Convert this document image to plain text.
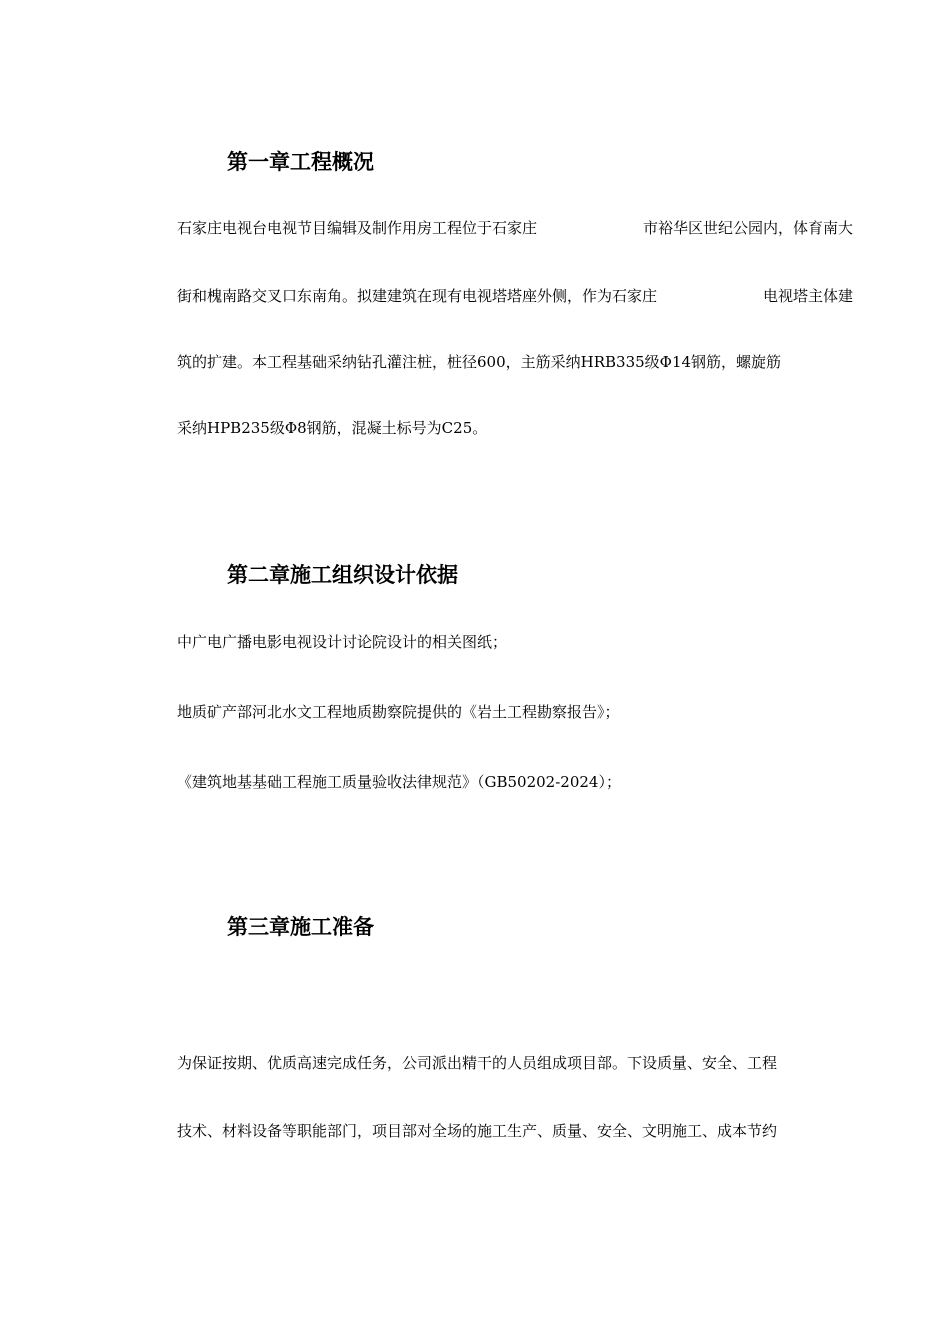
第一章工程概况

石家庄电视台电视节目编辑及制作用房工程位于石家庄	市裕华区世纪公园内，体育南大

街和槐南路交叉口东南角。拟建建筑在现有电视塔塔座外侧，作为石家庄	电视塔主体建

筑的扩建。本工程基础采纳钻孔灌注桩，桩径600，主筋采纳HRB335级Φ14钢筋，螺旋筋

采纳HPB235级Φ8钢筋，混凝土标号为C25。

第二章施工组织设计依据

中广电广播电影电视设计讨论院设计的相关图纸；

地质矿产部河北水文工程地质勘察院提供的《岩土工程勘察报告》；

《建筑地基基础工程施工质量验收法律规范》（GB50202-2024）；

第三章施工准备

为保证按期、优质高速完成任务，公司派出精干的人员组成项目部。下设质量、安全、工程

技术、材料设备等职能部门，项目部对全场的施工生产、质量、安全、文明施工、成本节约
